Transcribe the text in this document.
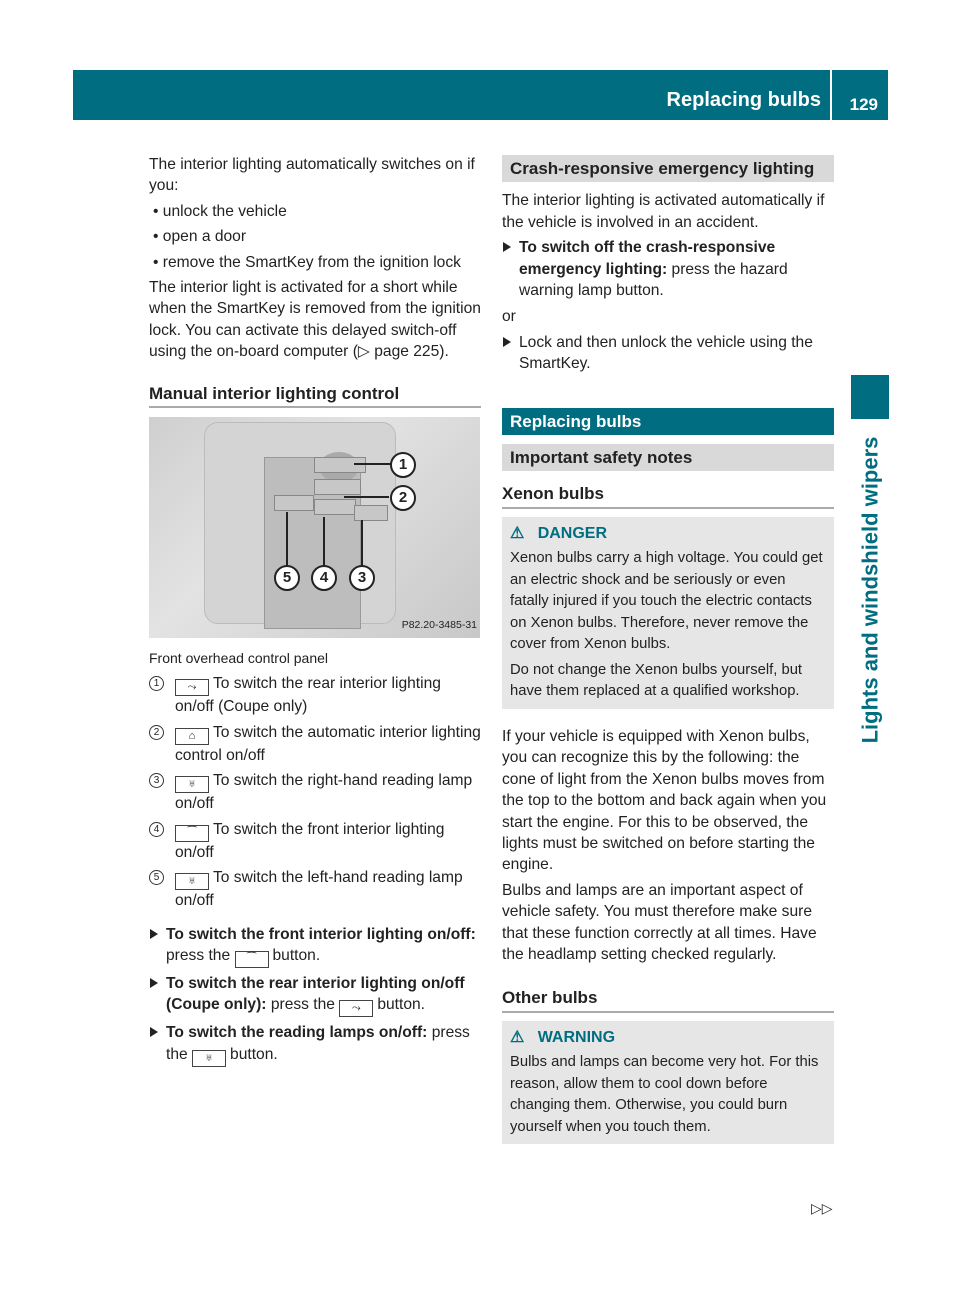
Replacing bulbs 129
Lights and windshield wipers

The interior lighting automatically switches on if you:

• unlock the vehicle
• open a door
• remove the SmartKey from the ignition lock

The interior light is activated for a short while when the SmartKey is removed from the ignition lock. You can activate this delayed switch-off using the on-board computer (▷ page 225).

Manual interior lighting control
1
2
3
4
5
P82.20-3485-31

Front overhead control panel

1	⤳ To switch the rear interior lighting on/off (Coupe only)
2	⌂ To switch the automatic interior lighting control on/off
3	♅ To switch the right-hand reading lamp on/off
4	⁀ To switch the front interior lighting on/off
5	♅ To switch the left-hand reading lamp on/off
To switch the front interior lighting on/off: press the ⁀ button.
To switch the rear interior lighting on/off (Coupe only): press the ⤳ button.
To switch the reading lamps on/off: press the ♅ button.
Crash-responsive emergency lighting

The interior lighting is activated automatically if the vehicle is involved in an accident.

To switch off the crash-responsive emergency lighting: press the hazard warning lamp button.

or

Lock and then unlock the vehicle using the SmartKey.
Replacing bulbs
Important safety notes
Xenon bulbs
⚠ DANGER

Xenon bulbs carry a high voltage. You could get an electric shock and be seriously or even fatally injured if you touch the electric contacts on Xenon bulbs. Therefore, never remove the cover from Xenon bulbs.

Do not change the Xenon bulbs yourself, but have them replaced at a qualified workshop.

If your vehicle is equipped with Xenon bulbs, you can recognize this by the following: the cone of light from the Xenon bulbs moves from the top to the bottom and back again when you start the engine. For this to be observed, the lights must be switched on before starting the engine.

Bulbs and lamps are an important aspect of vehicle safety. You must therefore make sure that these function correctly at all times. Have the headlamp setting checked regularly.

Other bulbs
⚠ WARNING

Bulbs and lamps can become very hot. For this reason, allow them to cool down before changing them. Otherwise, you could burn yourself when you touch them.

▷▷
